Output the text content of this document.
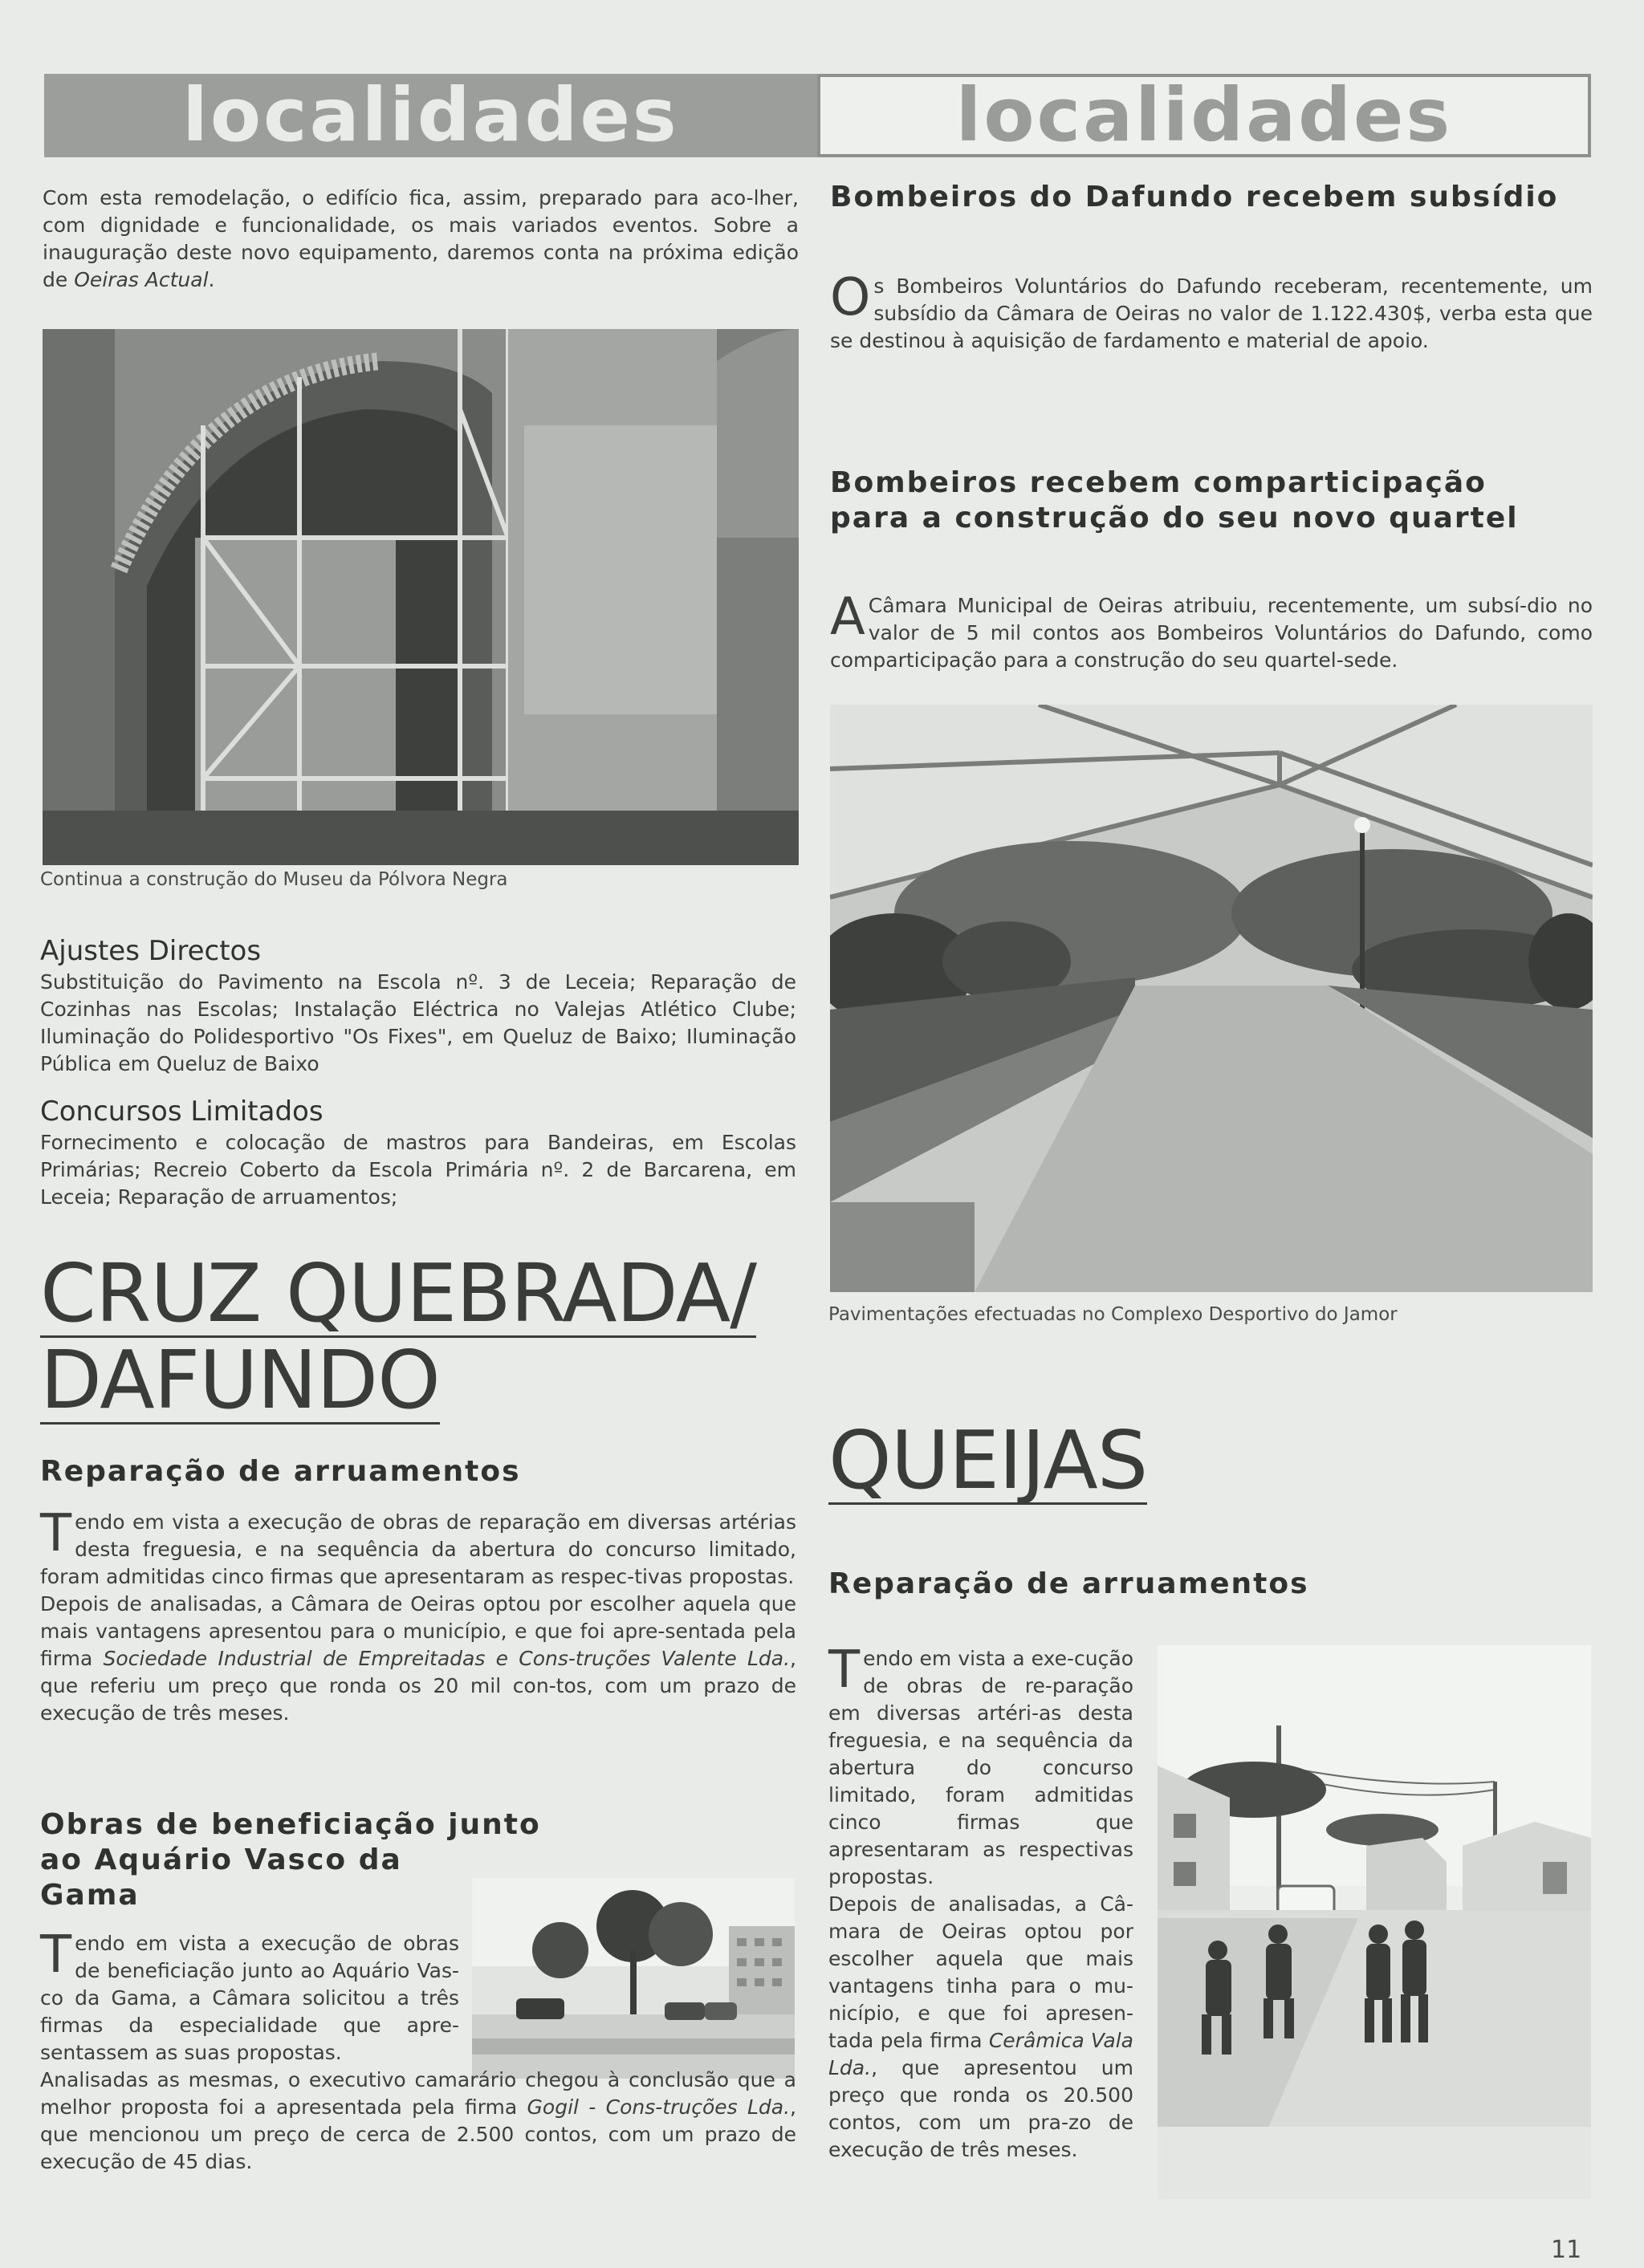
localidades	localidades
Com esta remodelação, o edifício fica, assim, preparado para aco-lher, com dignidade e funcionalidade, os mais variados eventos. Sobre a inauguração deste novo equipamento, daremos conta na próxima edição de Oeiras Actual.
Continua a construção do Museu da Pólvora Negra
Ajustes Directos
Substituição do Pavimento na Escola nº. 3 de Leceia; Reparação de Cozinhas nas Escolas; Instalação Eléctrica no Valejas Atlético Clube; Iluminação do Polidesportivo "Os Fixes", em Queluz de Baixo; Iluminação Pública em Queluz de Baixo
Concursos Limitados
Fornecimento e colocação de mastros para Bandeiras, em Escolas Primárias; Recreio Coberto da Escola Primária nº. 2 de Barcarena, em Leceia; Reparação de arruamentos;
CRUZ QUEBRADA/
DAFUNDO
Reparação de arruamentos

Tendo em vista a execução de obras de reparação em diversas artérias desta freguesia, e na sequência da abertura do concurso limitado, foram admitidas cinco firmas que apresentaram as respec-tivas propostas.

Depois de analisadas, a Câmara de Oeiras optou por escolher aquela que mais vantagens apresentou para o município, e que foi apre-sentada pela firma Sociedade Industrial de Empreitadas e Cons-truções Valente Lda., que referiu um preço que ronda os 20 mil con-tos, com um prazo de execução de três meses.

Obras de beneficiação junto
ao Aquário Vasco da
Gama

Tendo em vista a execução de obras de beneficiação junto ao Aquário Vas-co da Gama, a Câmara solicitou a três firmas da especialidade que apre-sentassem as suas propostas.

Analisadas as mesmas, o executivo camarário chegou à conclusão que a melhor proposta foi a apresentada pela firma Gogil - Cons-truções Lda., que mencionou um preço de cerca de 2.500 contos, com um prazo de execução de 45 dias.

Bombeiros do Dafundo recebem subsídio
Os Bombeiros Voluntários do Dafundo receberam, recentemente, um subsídio da Câmara de Oeiras no valor de 1.122.430$, verba esta que se destinou à aquisição de fardamento e material de apoio.
Bombeiros recebem comparticipação
para a construção do seu novo quartel
A Câmara Municipal de Oeiras atribuiu, recentemente, um subsí-dio no valor de 5 mil contos aos Bombeiros Voluntários do Dafundo, como comparticipação para a construção do seu quartel-sede.
Pavimentações efectuadas no Complexo Desportivo do Jamor
QUEIJAS
Reparação de arruamentos

Tendo em vista a exe-cução de obras de re-paração em diversas artéri-as desta freguesia, e na sequência da abertura do concurso limitado, foram admitidas cinco firmas que apresentaram as respectivas propostas.

Depois de analisadas, a Câ-mara de Oeiras optou por escolher aquela que mais vantagens tinha para o mu-nicípio, e que foi apresen-tada pela firma Cerâmica Vala Lda., que apresentou um preço que ronda os 20.500 contos, com um pra-zo de execução de três meses.

11
